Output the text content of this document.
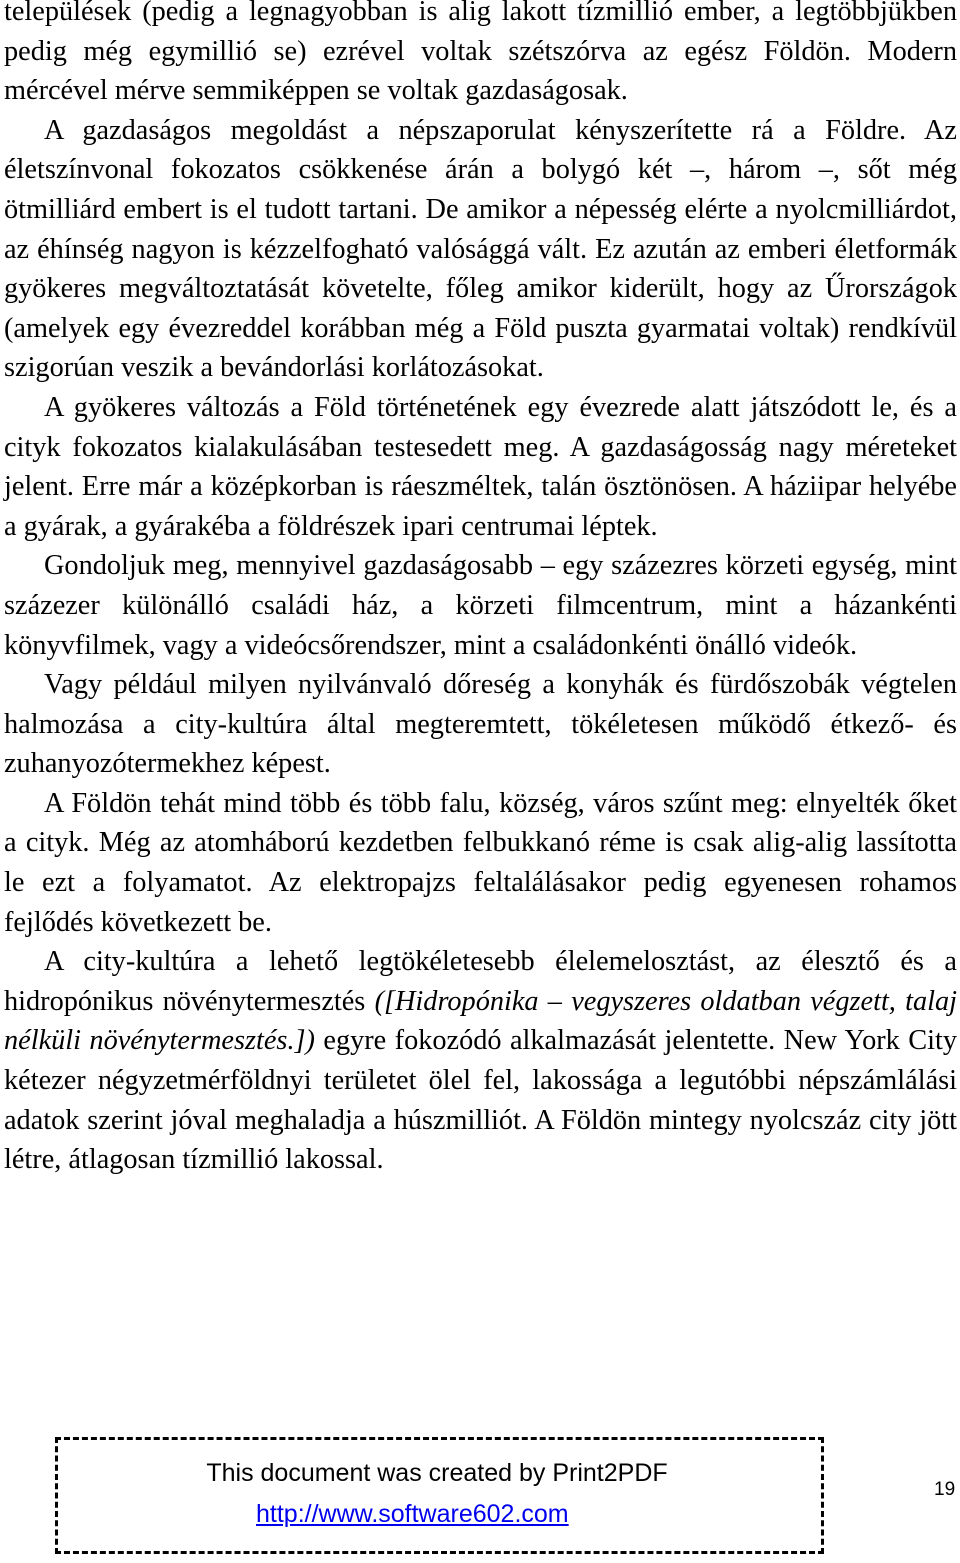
települések (pedig a legnagyobban is alig lakott tízmillió ember, a legtöbbjükben pedig még egymillió se) ezrével voltak szétszórva az egész Földön. Modern mércével mérve semmiképpen se voltak gazdaságosak.

A gazdaságos megoldást a népszaporulat kényszerítette rá a Földre. Az életszínvonal fokozatos csökkenése árán a bolygó két –, három –, sőt még ötmilliárd embert is el tudott tartani. De amikor a népesség elérte a nyolcmilliárdot, az éhínség nagyon is kézzelfogható valósággá vált. Ez azután az emberi életformák gyökeres megváltoztatását követelte, főleg amikor kiderült, hogy az Űrországok (amelyek egy évezreddel korábban még a Föld puszta gyarmatai voltak) rendkívül szigorúan veszik a bevándorlási korlátozásokat.

A gyökeres változás a Föld történetének egy évezrede alatt játszódott le, és a cityk fokozatos kialakulásában testesedett meg. A gazdaságosság nagy méreteket jelent. Erre már a középkorban is ráeszméltek, talán ösztönösen. A háziipar helyébe a gyárak, a gyárakéba a földrészek ipari centrumai léptek.

Gondoljuk meg, mennyivel gazdaságosabb – egy százezres körzeti egység, mint százezer különálló családi ház, a körzeti filmcentrum, mint a házankénti könyvfilmek, vagy a videócsőrendszer, mint a családonkénti önálló videók.

Vagy például milyen nyilvánvaló dőreség a konyhák és fürdőszobák végtelen halmozása a city-kultúra által megteremtett, tökéletesen működő étkező- és zuhanyozótermekhez képest.

A Földön tehát mind több és több falu, község, város szűnt meg: elnyelték őket a cityk. Még az atomháború kezdetben felbukkanó réme is csak alig-alig lassította le ezt a folyamatot. Az elektropajzs feltalálásakor pedig egyenesen rohamos fejlődés következett be.

A city-kultúra a lehető legtökéletesebb élelemelosztást, az élesztő és a hidropónikus növénytermesztés ([Hidropónika – vegyszeres oldatban végzett, talaj nélküli növénytermesztés.]) egyre fokozódó alkalmazását jelentette. New York City kétezer négyzetmérföldnyi területet ölel fel, lakossága a legutóbbi népszámlálási adatok szerint jóval meghaladja a húszmilliót. A Földön mintegy nyolcszáz city jött létre, átlagosan tízmillió lakossal.

This document was created by Print2PDF
http://www.software602.com
19
